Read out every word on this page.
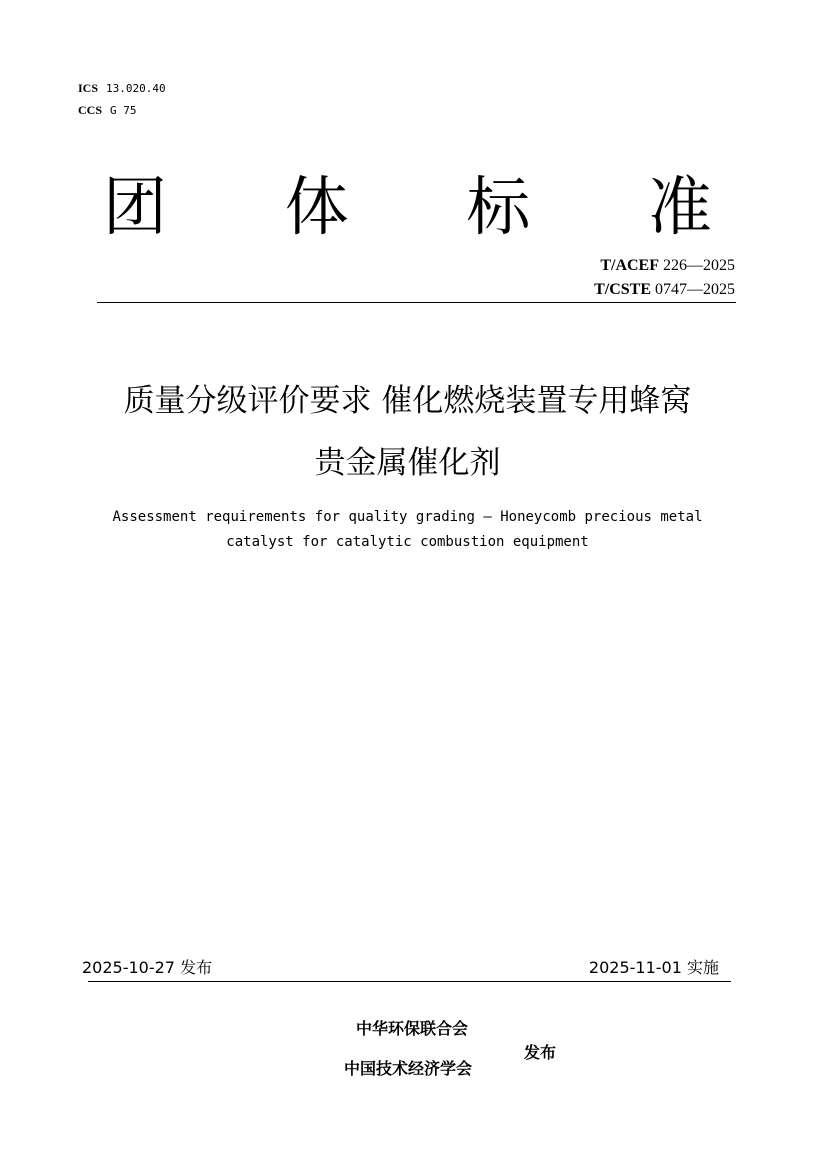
ICS 13.020.40
CCS G 75
团	体	标	准
T/ACEF 226—2025
T/CSTE 0747—2025
质量分级评价要求 催化燃烧装置专用蜂窝
贵金属催化剂
Assessment requirements for quality grading — Honeycomb precious metal
catalyst for catalytic combustion equipment
2025-10-27 发布	2025-11-01 实施
中华环保联合会
中国技术经济学会
发布
